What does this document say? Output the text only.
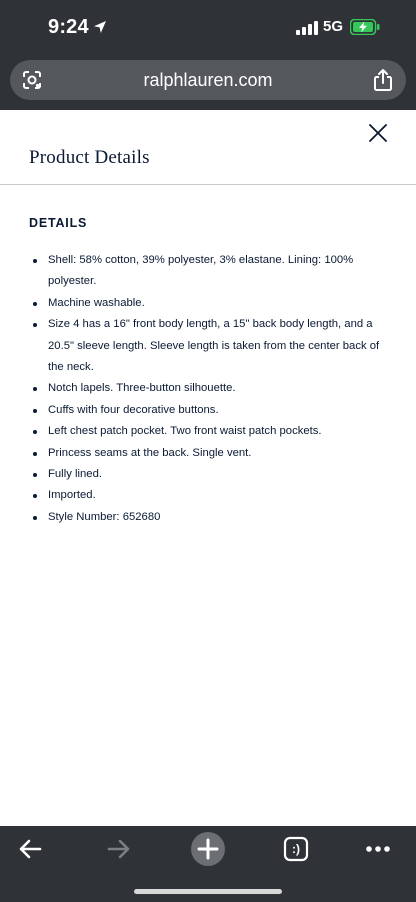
9:24	5G
ralphlauren.com
Product Details
DETAILS
Shell: 58% cotton, 39% polyester, 3% elastane. Lining: 100% polyester.
Machine washable.
Size 4 has a 16" front body length, a 15" back body length, and a 20.5" sleeve length. Sleeve length is taken from the center back of the neck.
Notch lapels. Three-button silhouette.
Cuffs with four decorative buttons.
Left chest patch pocket. Two front waist patch pockets.
Princess seams at the back. Single vent.
Fully lined.
Imported.
Style Number: 652680
:)
